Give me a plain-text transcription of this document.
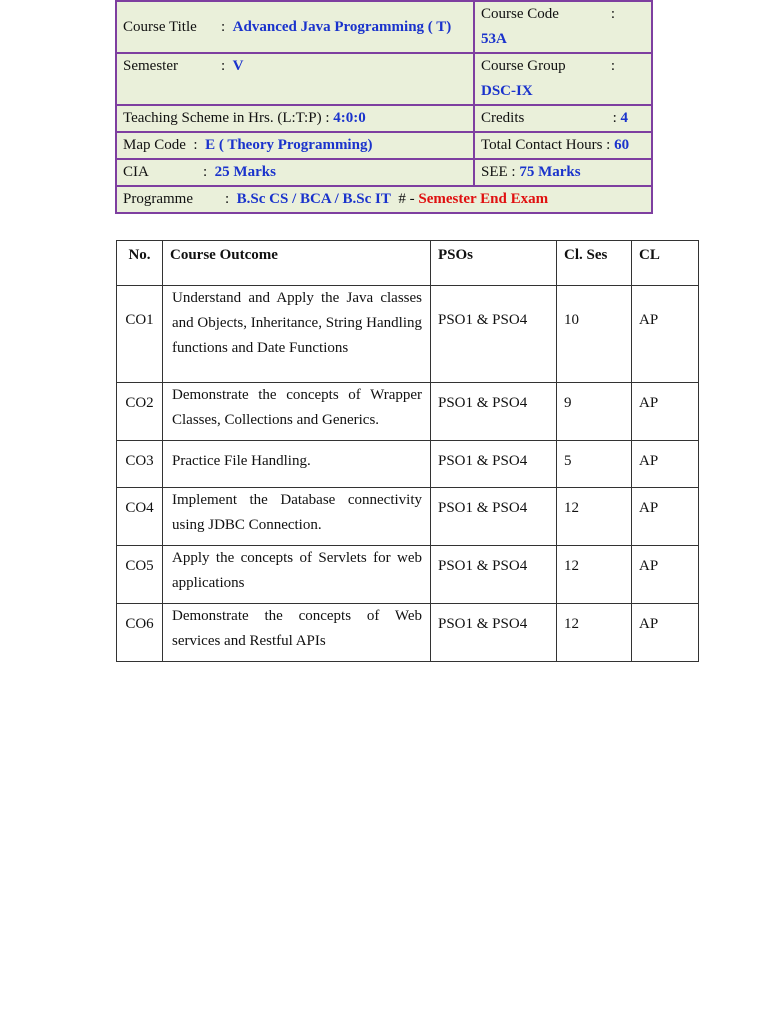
Course Title : Advanced Java Programming ( T)	Course Code :
53A

Semester : V	Course Group :
DSC-IX

Teaching Scheme in Hrs. (L:T:P) : 4:0:0	Credits : 4

Map Code : E ( Theory Programming)	Total Contact Hours : 60
CIA : 25 Marks	SEE : 75 Marks
Programme : B.Sc CS / BCA / B.Sc IT # - Semester End Exam	
No.	Course Outcome	PSOs	Cl. Ses	CL
CO1	Understand and Apply the Java classes and Objects, Inheritance, String Handling functions and Date Functions	PSO1 & PSO4	10	AP
CO2	Demonstrate the concepts of Wrapper Classes, Collections and Generics.	PSO1 & PSO4	9	AP
CO3	Practice File Handling.	PSO1 & PSO4	5	AP
CO4	Implement the Database connectivity using JDBC Connection.	PSO1 & PSO4	12	AP
CO5	Apply the concepts of Servlets for web applications	PSO1 & PSO4	12	AP
CO6	Demonstrate the concepts of Web services and Restful APIs	PSO1 & PSO4	12	AP
